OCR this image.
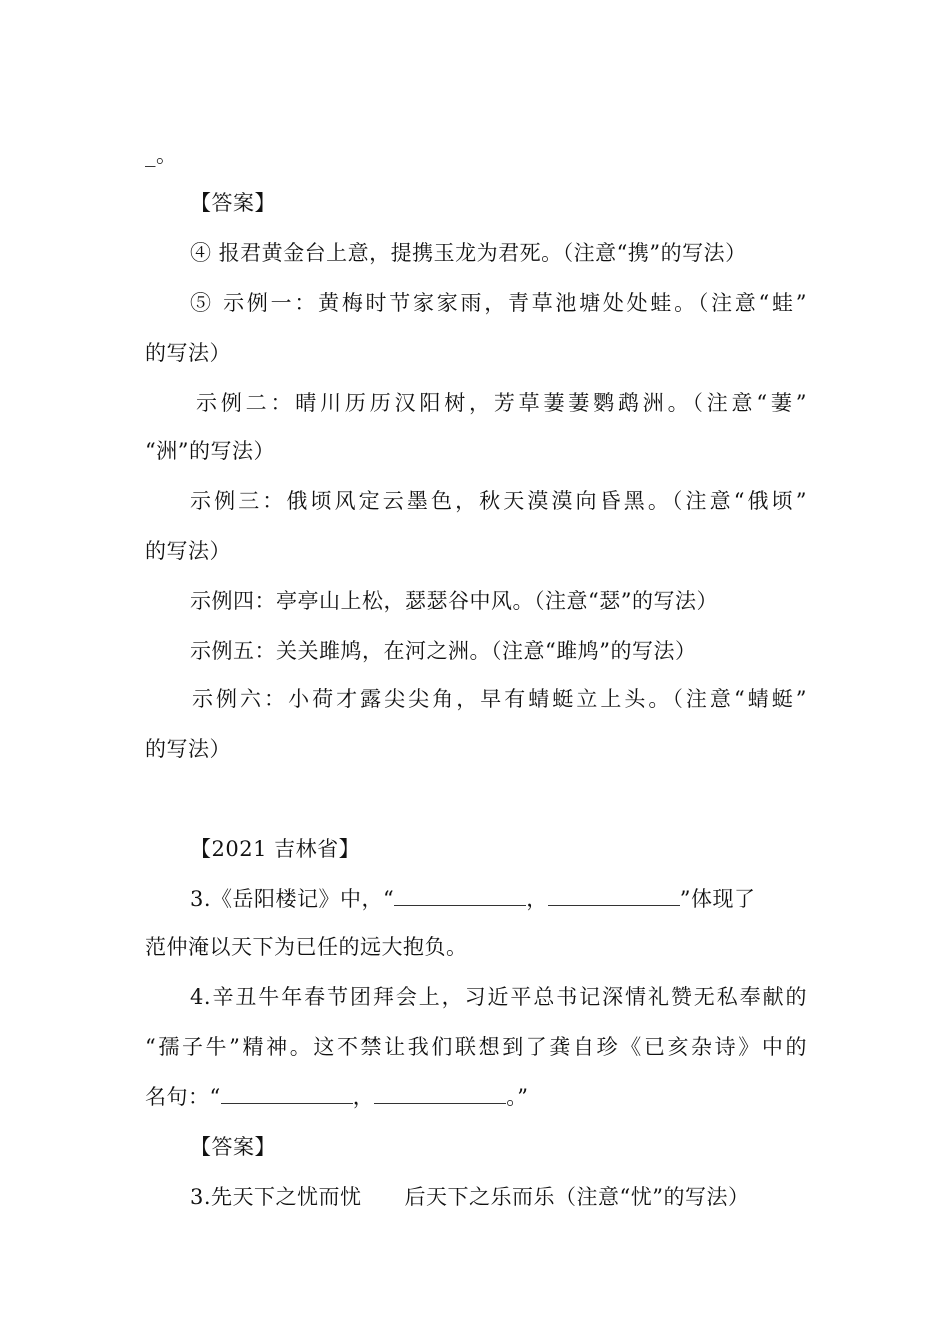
_。
【答案】
④ 报君黄金台上意，提携玉龙为君死。（注意“携”的写法）
⑤ 示例一：黄梅时节家家雨，青草池塘处处蛙。（注意“蛙”
的写法）
示例二：晴川历历汉阳树，芳草萋萋鹦鹉洲。（注意“萋”
“洲”的写法）
示例三：俄顷风定云墨色，秋天漠漠向昏黑。（注意“俄顷”
的写法）
示例四：亭亭山上松，瑟瑟谷中风。（注意“瑟”的写法）
示例五：关关雎鸠，在河之洲。（注意“雎鸠”的写法）
示例六：小荷才露尖尖角，早有蜻蜓立上头。（注意“蜻蜓”
的写法）
【2021 吉林省】
3.《岳阳楼记》中，“	，	”体现了
范仲淹以天下为已任的远大抱负。
4.辛丑牛年春节团拜会上，习近平总书记深情礼赞无私奉献的
“孺子牛”精神。这不禁让我们联想到了龚自珍《已亥杂诗》中的
名句：“	，	。”
【答案】
3.先天下之忧而忧　　后天下之乐而乐（注意“忧”的写法）
